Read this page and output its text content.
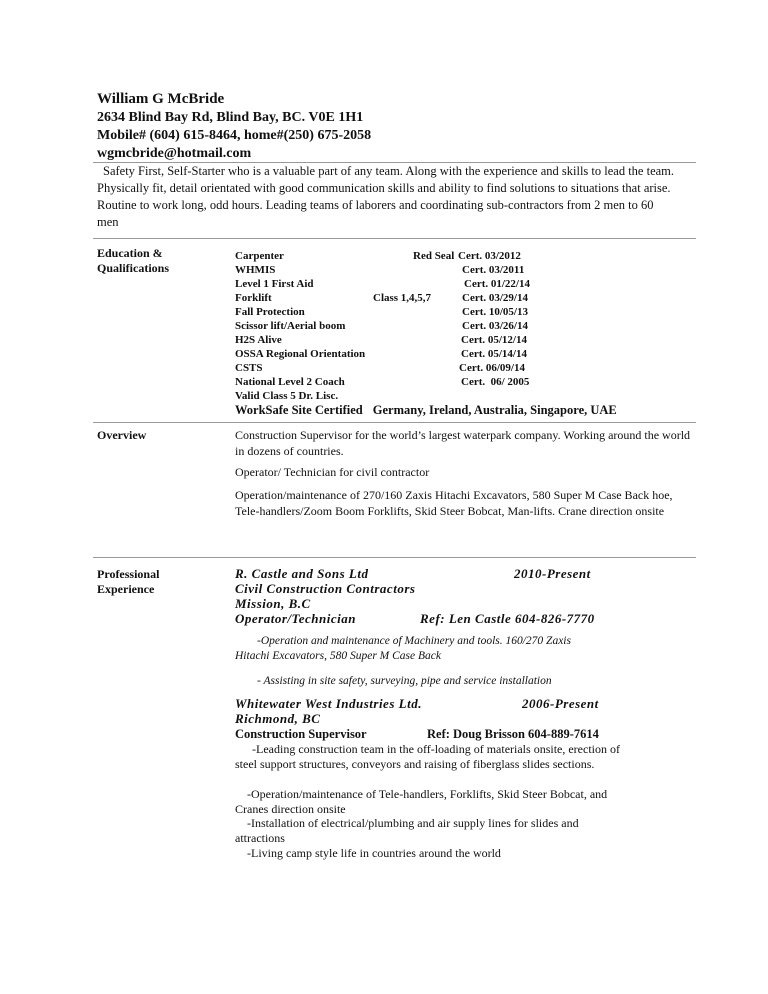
William G McBride
2634 Blind Bay Rd, Blind Bay, BC. V0E 1H1
Mobile# (604) 615-8464, home#(250) 675-2058
wgmcbride@hotmail.com
Safety First, Self-Starter who is a valuable part of any team. Along with the experience and skills to lead the team.
Physically fit, detail orientated with good communication skills and ability to find solutions to situations that arise.
Routine to work long, odd hours. Leading teams of laborers and coordinating sub-contractors from 2 men to 60
men
Education &
Qualifications
Carpenter	Red Seal Cert. 03/2012
WHMIS	Cert. 03/2011
Level 1 First Aid	Cert. 01/22/14
Forklift	Class 1,4,5,7	Cert. 03/29/14
Fall Protection	Cert. 10/05/13
Scissor lift/Aerial boom	Cert. 03/26/14
H2S Alive	Cert. 05/12/14
OSSA Regional Orientation	Cert. 05/14/14
CSTS	Cert. 06/09/14
National Level 2 Coach	Cert.  06/ 2005
Valid Class 5 Dr. Lisc.
WorkSafe Site Certified Germany, Ireland, Australia, Singapore, UAE
Overview	Construction Supervisor for the world’s largest waterpark company. Working around the world in dozens of countries.
Operator/ Technician for civil contractor
Operation/maintenance of 270/160 Zaxis Hitachi Excavators, 580 Super M Case Back hoe, Tele-handlers/Zoom Boom Forklifts, Skid Steer Bobcat, Man-lifts. Crane direction onsite
Professional
Experience
R. Castle and Sons Ltd	2010-Present
Civil Construction Contractors
Mission, B.C
Operator/Technician	Ref: Len Castle 604-826-7770
-Operation and maintenance of Machinery and tools. 160/270 Zaxis
Hitachi Excavators, 580 Super M Case Back
- Assisting in site safety, surveying, pipe and service installation
Whitewater West Industries Ltd.	2006-Present
Richmond, BC
Construction Supervisor	Ref: Doug Brisson 604-889-7614
-Leading construction team in the off-loading of materials onsite, erection of steel support structures, conveyors and raising of fiberglass slides sections.
-Operation/maintenance of Tele-handlers, Forklifts, Skid Steer Bobcat, and Cranes direction onsite
-Installation of electrical/plumbing and air supply lines for slides and attractions
-Living camp style life in countries around the world
